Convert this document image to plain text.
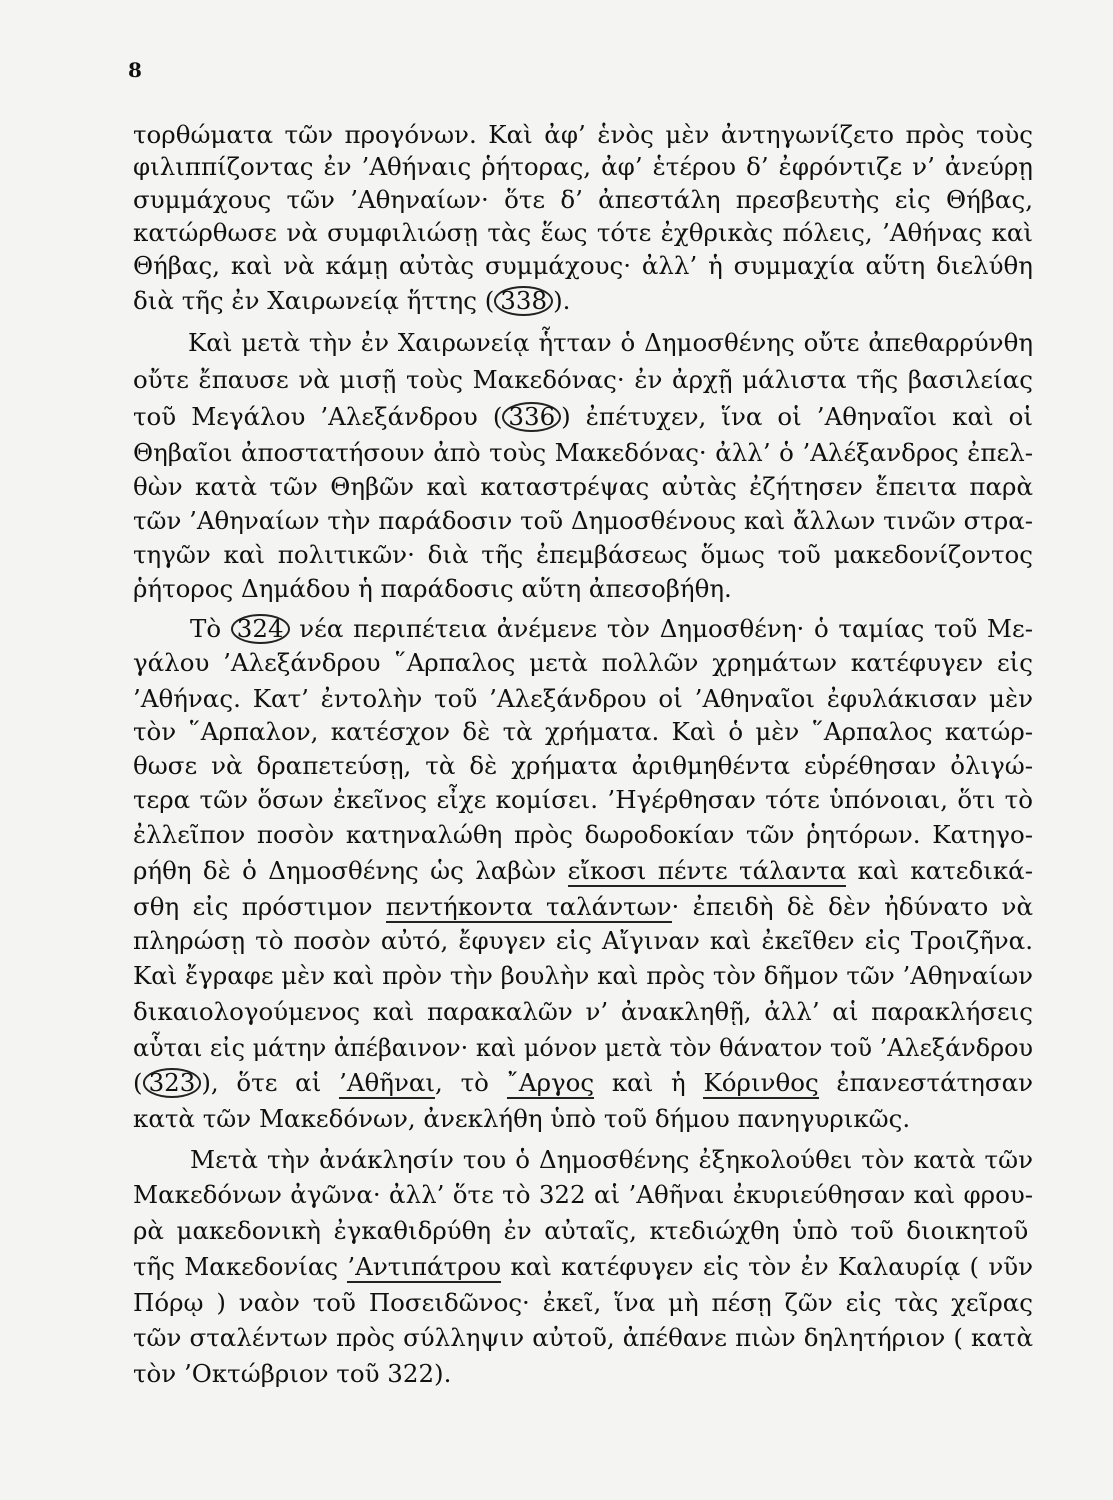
8
τορθώματα τῶν προγόνων. Καὶ ἀφ’ ἑνὸς μὲν ἀντηγωνίζετο πρὸς τοὺς
φιλιππίζοντας ἐν ’Αθήναις ῥήτορας, ἀφ’ ἑτέρου δ’ ἐφρόντιζε ν’ ἀνεύρῃ
συμμάχους τῶν ’Αθηναίων· ὅτε δ’ ἀπεστάλη πρεσβευτὴς εἰς Θήβας,
κατώρθωσε νὰ συμφιλιώσῃ τὰς ἕως τότε ἐχθρικὰς πόλεις, ’Αθήνας καὶ
Θήβας, καὶ νὰ κάμῃ αὐτὰς συμμάχους· ἀλλ’ ἡ συμμαχία αὕτη διελύθη
διὰ τῆς ἐν Χαιρωνείᾳ ἥττης ( 338 ).
Καὶ μετὰ τὴν ἐν Χαιρωνείᾳ ἧτταν ὁ Δημοσθένης οὔτε ἀπεθαρρύνθη
οὔτε ἔπαυσε νὰ μισῇ τοὺς Μακεδόνας· ἐν ἀρχῇ μάλιστα τῆς βασιλείας
τοῦ Μεγάλου ’Αλεξάνδρου ( 336 ) ἐπέτυχεν, ἵνα οἱ ’Αθηναῖοι καὶ οἱ
Θηβαῖοι ἀποστατήσουν ἀπὸ τοὺς Μακεδόνας· ἀλλ’ ὁ ’Αλέξανδρος ἐπελ-
θὼν κατὰ τῶν Θηβῶν καὶ καταστρέψας αὐτὰς ἐζήτησεν ἔπειτα παρὰ
τῶν ’Αθηναίων τὴν παράδοσιν τοῦ Δημοσθένους καὶ ἄλλων τινῶν στρα-
τηγῶν καὶ πολιτικῶν· διὰ τῆς ἐπεμβάσεως ὅμως τοῦ μακεδονίζοντος
ῥήτορος Δημάδου ἡ παράδοσις αὕτη ἀπεσοβήθη.
Τὸ 324 νέα περιπέτεια ἀνέμενε τὸν Δημοσθένη· ὁ ταμίας τοῦ Με-
γάλου ’Αλεξάνδρου ῞Αρπαλος μετὰ πολλῶν χρημάτων κατέφυγεν εἰς
’Αθήνας. Κατ’ ἐντολὴν τοῦ ’Αλεξάνδρου οἱ ’Αθηναῖοι ἐφυλάκισαν μὲν
τὸν ῞Αρπαλον, κατέσχον δὲ τὰ χρήματα. Καὶ ὁ μὲν ῞Αρπαλος κατώρ-
θωσε νὰ δραπετεύσῃ, τὰ δὲ χρήματα ἀριθμηθέντα εὑρέθησαν ὀλιγώ-
τερα τῶν ὅσων ἐκεῖνος εἶχε κομίσει. ’Ηγέρθησαν τότε ὑπόνοιαι, ὅτι τὸ
ἐλλεῖπον ποσὸν κατηναλώθη πρὸς δωροδοκίαν τῶν ῥητόρων. Κατηγο-
ρήθη δὲ ὁ Δημοσθένης ὡς λαβὼν εἴκοσι πέντε τάλαντα καὶ κατεδικά-
σθη εἰς πρόστιμον πεντήκοντα ταλάντων· ἐπειδὴ δὲ δὲν ἠδύνατο νὰ
πληρώσῃ τὸ ποσὸν αὐτό, ἔφυγεν εἰς Αἴγιναν καὶ ἐκεῖθεν εἰς Τροιζῆνα.
Καὶ ἔγραφε μὲν καὶ πρὸν τὴν βουλὴν καὶ πρὸς τὸν δῆμον τῶν ’Αθηναίων
δικαιολογούμενος καὶ παρακαλῶν ν’ ἀνακληθῇ, ἀλλ’ αἱ παρακλήσεις
αὗται εἰς μάτην ἀπέβαινον· καὶ μόνον μετὰ τὸν θάνατον τοῦ ’Αλεξάνδρου
( 323 ), ὅτε αἱ ’Αθῆναι, τὸ ῎Αργος καὶ ἡ Κόρινθος ἐπανεστάτησαν
κατὰ τῶν Μακεδόνων, ἀνεκλήθη ὑπὸ τοῦ δήμου πανηγυρικῶς.
Μετὰ τὴν ἀνάκλησίν του ὁ Δημοσθένης ἐξηκολούθει τὸν κατὰ τῶν
Μακεδόνων ἀγῶνα· ἀλλ’ ὅτε τὸ 322 αἱ ’Αθῆναι ἐκυριεύθησαν καὶ φρου-
ρὰ μακεδονικὴ ἐγκαθιδρύθη ἐν αὐταῖς, κτεδιώχθη ὑπὸ τοῦ διοικητοῦ
τῆς Μακεδονίας ’Αντιπάτρου καὶ κατέφυγεν εἰς τὸν ἐν Καλαυρίᾳ ( νῦν
Πόρῳ ) ναὸν τοῦ Ποσειδῶνος· ἐκεῖ, ἵνα μὴ πέσῃ ζῶν εἰς τὰς χεῖρας
τῶν σταλέντων πρὸς σύλληψιν αὐτοῦ, ἀπέθανε πιὼν δηλητήριον ( κατὰ
τὸν ’Οκτώβριον τοῦ 322).
